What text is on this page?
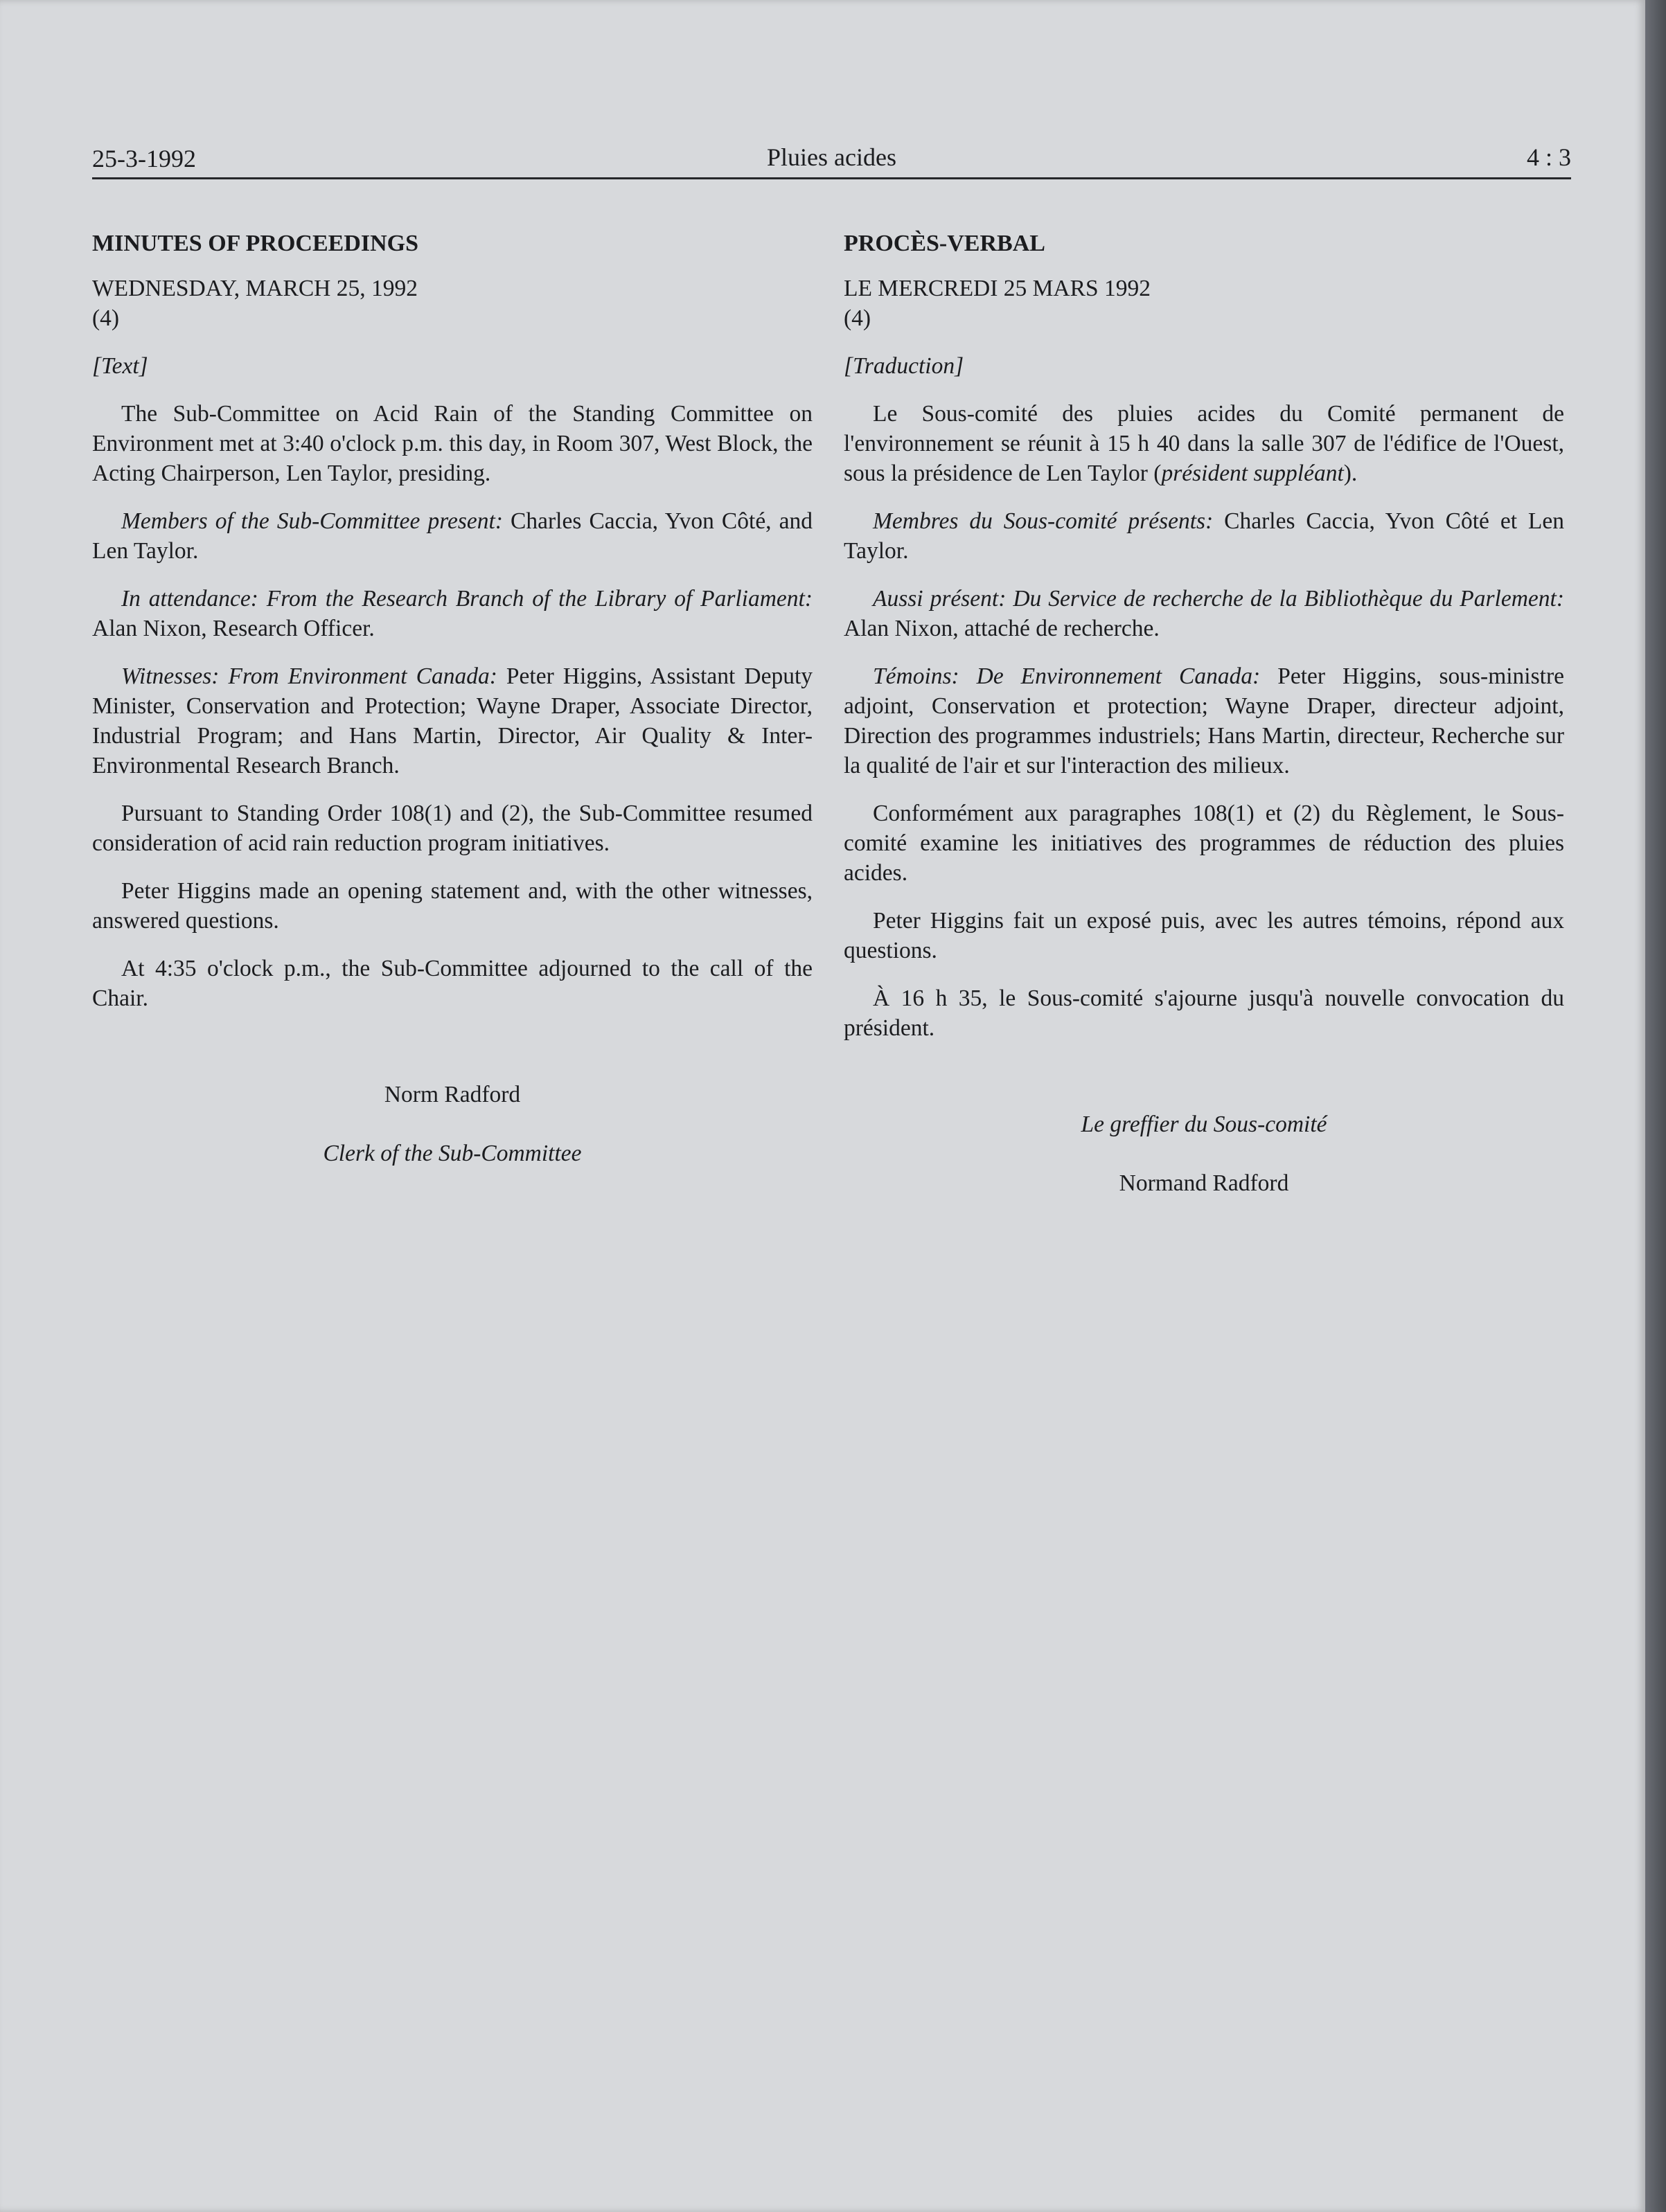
25-3-1992	Pluies acides	4 : 3

MINUTES OF PROCEEDINGS

WEDNESDAY, MARCH 25, 1992

(4)

[Text]

The Sub-Committee on Acid Rain of the Standing Committee on Environment met at 3:40 o'clock p.m. this day, in Room 307, West Block, the Acting Chairperson, Len Taylor, presiding.

Members of the Sub-Committee present: Charles Caccia, Yvon Côté, and Len Taylor.

In attendance: From the Research Branch of the Library of Parliament: Alan Nixon, Research Officer.

Witnesses: From Environment Canada: Peter Higgins, Assistant Deputy Minister, Conservation and Protection; Wayne Draper, Associate Director, Industrial Program; and Hans Martin, Director, Air Quality & Inter-Environmental Research Branch.

Pursuant to Standing Order 108(1) and (2), the Sub-Committee resumed consideration of acid rain reduction program initiatives.

Peter Higgins made an opening statement and, with the other witnesses, answered questions.

At 4:35 o'clock p.m., the Sub-Committee adjourned to the call of the Chair.

Norm Radford

Clerk of the Sub-Committee

PROCÈS-VERBAL

LE MERCREDI 25 MARS 1992

(4)

[Traduction]

Le Sous-comité des pluies acides du Comité permanent de l'environnement se réunit à 15 h 40 dans la salle 307 de l'édifice de l'Ouest, sous la présidence de Len Taylor (président suppléant).

Membres du Sous-comité présents: Charles Caccia, Yvon Côté et Len Taylor.

Aussi présent: Du Service de recherche de la Bibliothèque du Parlement: Alan Nixon, attaché de recherche.

Témoins: De Environnement Canada: Peter Higgins, sous-ministre adjoint, Conservation et protection; Wayne Draper, directeur adjoint, Direction des programmes industriels; Hans Martin, directeur, Recherche sur la qualité de l'air et sur l'interaction des milieux.

Conformément aux paragraphes 108(1) et (2) du Règlement, le Sous-comité examine les initiatives des programmes de réduction des pluies acides.

Peter Higgins fait un exposé puis, avec les autres témoins, répond aux questions.

À 16 h 35, le Sous-comité s'ajourne jusqu'à nouvelle convocation du président.

Le greffier du Sous-comité

Normand Radford
